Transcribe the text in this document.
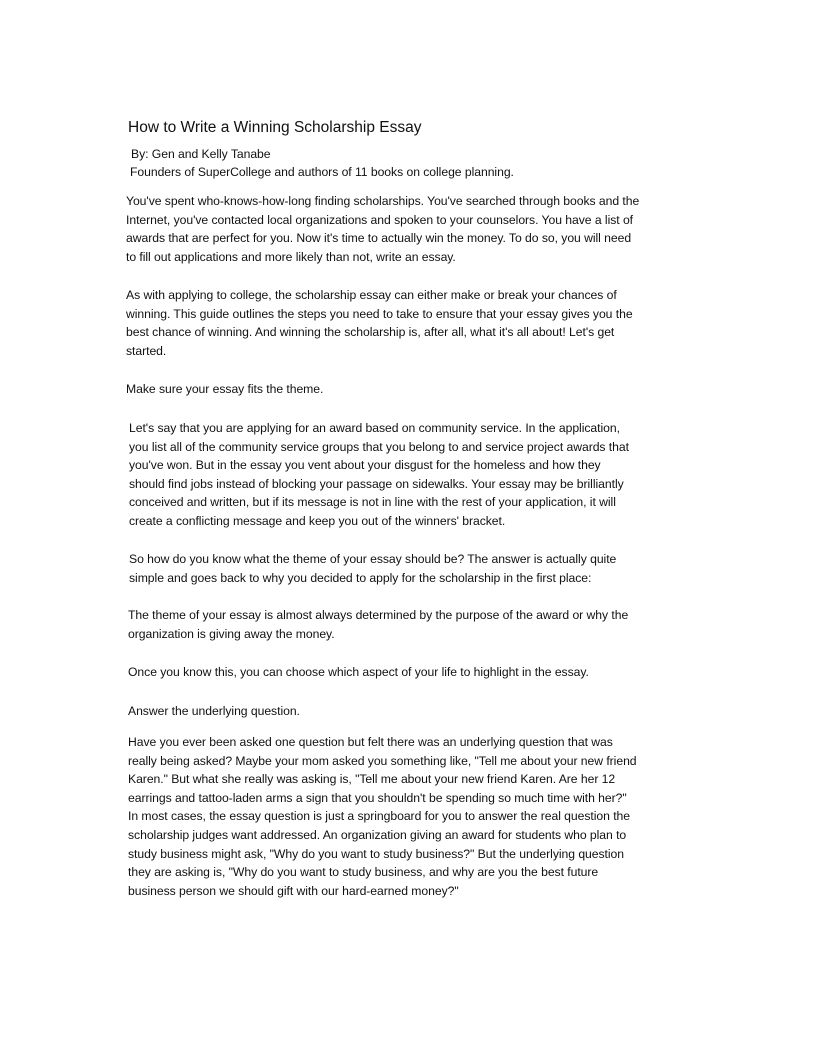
How to Write a Winning Scholarship Essay

By: Gen and Kelly Tanabe

Founders of SuperCollege and authors of 11 books on college planning.

You've spent who-knows-how-long finding scholarships. You've searched through books and the
Internet, you've contacted local organizations and spoken to your counselors. You have a list of
awards that are perfect for you. Now it's time to actually win the money. To do so, you will need
to fill out applications and more likely than not, write an essay.

As with applying to college, the scholarship essay can either make or break your chances of
winning. This guide outlines the steps you need to take to ensure that your essay gives you the
best chance of winning. And winning the scholarship is, after all, what it's all about! Let's get
started.

Make sure your essay fits the theme.

Let's say that you are applying for an award based on community service. In the application,
you list all of the community service groups that you belong to and service project awards that
you've won. But in the essay you vent about your disgust for the homeless and how they
should find jobs instead of blocking your passage on sidewalks. Your essay may be brilliantly
conceived and written, but if its message is not in line with the rest of your application, it will
create a conflicting message and keep you out of the winners' bracket.

So how do you know what the theme of your essay should be? The answer is actually quite
simple and goes back to why you decided to apply for the scholarship in the first place:

The theme of your essay is almost always determined by the purpose of the award or why the
organization is giving away the money.

Once you know this, you can choose which aspect of your life to highlight in the essay.

Answer the underlying question.

Have you ever been asked one question but felt there was an underlying question that was
really being asked? Maybe your mom asked you something like, "Tell me about your new friend
Karen." But what she really was asking is, "Tell me about your new friend Karen. Are her 12
earrings and tattoo-laden arms a sign that you shouldn't be spending so much time with her?"
In most cases, the essay question is just a springboard for you to answer the real question the
scholarship judges want addressed. An organization giving an award for students who plan to
study business might ask, "Why do you want to study business?" But the underlying question
they are asking is, "Why do you want to study business, and why are you the best future
business person we should gift with our hard-earned money?"
